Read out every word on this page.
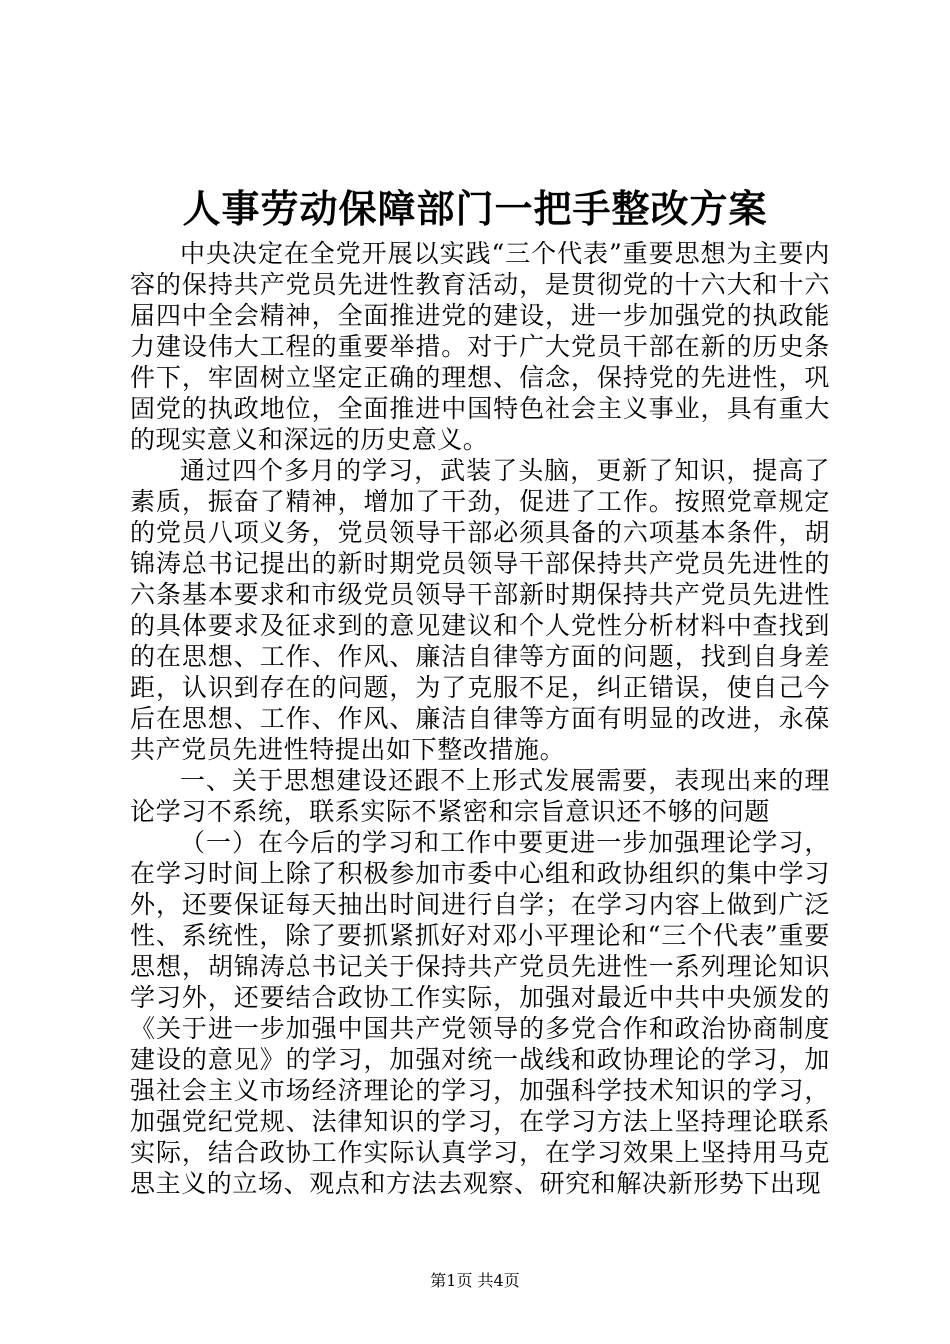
人事劳动保障部门一把手整改方案

中央决定在全党开展以实践“三个代表”重要思想为主要内容的保持共产党员先进性教育活动，是贯彻党的十六大和十六届四中全会精神，全面推进党的建设，进一步加强党的执政能力建设伟大工程的重要举措。对于广大党员干部在新的历史条件下，牢固树立坚定正确的理想、信念，保持党的先进性，巩固党的执政地位，全面推进中国特色社会主义事业，具有重大的现实意义和深远的历史意义。

通过四个多月的学习，武装了头脑，更新了知识，提高了素质，振奋了精神，增加了干劲，促进了工作。按照党章规定的党员八项义务，党员领导干部必须具备的六项基本条件，胡锦涛总书记提出的新时期党员领导干部保持共产党员先进性的六条基本要求和市级党员领导干部新时期保持共产党员先进性的具体要求及征求到的意见建议和个人党性分析材料中查找到的在思想、工作、作风、廉洁自律等方面的问题，找到自身差距，认识到存在的问题，为了克服不足，纠正错误，使自己今后在思想、工作、作风、廉洁自律等方面有明显的改进，永葆共产党员先进性特提出如下整改措施。

一、关于思想建设还跟不上形式发展需要，表现出来的理论学习不系统，联系实际不紧密和宗旨意识还不够的问题

（一）在今后的学习和工作中要更进一步加强理论学习，在学习时间上除了积极参加市委中心组和政协组织的集中学习外，还要保证每天抽出时间进行自学；在学习内容上做到广泛性、系统性，除了要抓紧抓好对邓小平理论和“三个代表”重要思想，胡锦涛总书记关于保持共产党员先进性一系列理论知识学习外，还要结合政协工作实际，加强对最近中共中央颁发的《关于进一步加强中国共产党领导的多党合作和政治协商制度建设的意见》的学习，加强对统一战线和政协理论的学习，加强社会主义市场经济理论的学习，加强科学技术知识的学习，加强党纪党规、法律知识的学习，在学习方法上坚持理论联系实际，结合政协工作实际认真学习，在学习效果上坚持用马克思主义的立场、观点和方法去观察、研究和解决新形势下出现

第1页 共4页
